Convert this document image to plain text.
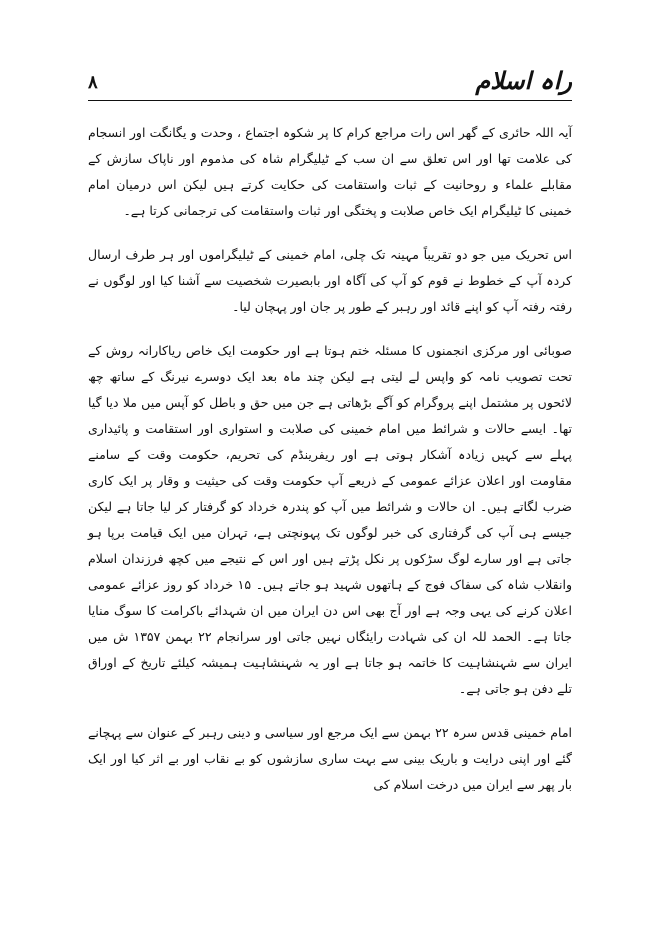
راہ اسلام
۸

آیہ اللہ حائری کے گھر اس رات مراجع کرام کا پر شکوہ اجتماع ، وحدت و یگانگت اور انسجام کی علامت تھا اور اس تعلق سے ان سب کے ٹیلیگرام شاہ کی مذموم اور ناپاک سازش کے مقابلے علماء و روحانیت کے ثبات واستقامت کی حکایت کرتے ہیں لیکن اس درمیان امام خمینی کا ٹیلیگرام ایک خاص صلابت و پختگی اور ثبات واستقامت کی ترجمانی کرتا ہے۔

اس تحریک میں جو دو تقریباً مہینہ تک چلی، امام خمینی کے ٹیلیگراموں اور ہر طرف ارسال کردہ آپ کے خطوط نے قوم کو آپ کی آگاہ اور بابصیرت شخصیت سے آشنا کیا اور لوگوں نے رفتہ رفتہ آپ کو اپنے قائد اور رہبر کے طور پر جان اور پہچان لیا۔

صوبائی اور مرکزی انجمنوں کا مسئلہ ختم ہوتا ہے اور حکومت ایک خاص ریاکارانہ روش کے تحت تصویب نامہ کو واپس لے لیتی ہے لیکن چند ماہ بعد ایک دوسرے نیرنگ کے ساتھ چھ لائحوں پر مشتمل اپنے پروگرام کو آگے بڑھاتی ہے جن میں حق و باطل کو آپس میں ملا دیا گیا تھا۔ ایسے حالات و شرائط میں امام خمینی کی صلابت و استواری اور استقامت و پائیداری پہلے سے کہیں زیادہ آشکار ہوتی ہے اور ریفرینڈم کی تحریم، حکومت وقت کے سامنے مقاومت اور اعلان عزائے عمومی کے ذریعے آپ حکومت وقت کی حیثیت و وقار پر ایک کاری ضرب لگاتے ہیں۔ ان حالات و شرائط میں آپ کو پندرہ خرداد کو گرفتار کر لیا جاتا ہے لیکن جیسے ہی آپ کی گرفتاری کی خبر لوگوں تک پہونچتی ہے، تہران میں ایک قیامت برپا ہو جاتی ہے اور سارے لوگ سڑکوں پر نکل پڑتے ہیں اور اس کے نتیجے میں کچھ فرزندان اسلام وانقلاب شاہ کی سفاک فوج کے ہاتھوں شہید ہو جاتے ہیں۔ ۱۵ خرداد کو روز عزائے عمومی اعلان کرنے کی یہی وجہ ہے اور آج بھی اس دن ایران میں ان شہدائے باکرامت کا سوگ منایا جاتا ہے۔ الحمد للہ ان کی شہادت رایئگاں نہیں جاتی اور سرانجام ۲۲ بہمن ۱۳۵۷ ش میں ایران سے شہنشاہیت کا خاتمہ ہو جاتا ہے اور یہ شہنشاہیت ہمیشہ کیلئے تاریخ کے اوراق تلے دفن ہو جاتی ہے۔

امام خمینی قدس سرہ ۲۲ بہمن سے ایک مرجع اور سیاسی و دینی رہبر کے عنوان سے پہچانے گئے اور اپنی درایت و باریک بینی سے بہت ساری سازشوں کو بے نقاب اور بے اثر کیا اور ایک بار پھر سے ایران میں درخت اسلام کی
